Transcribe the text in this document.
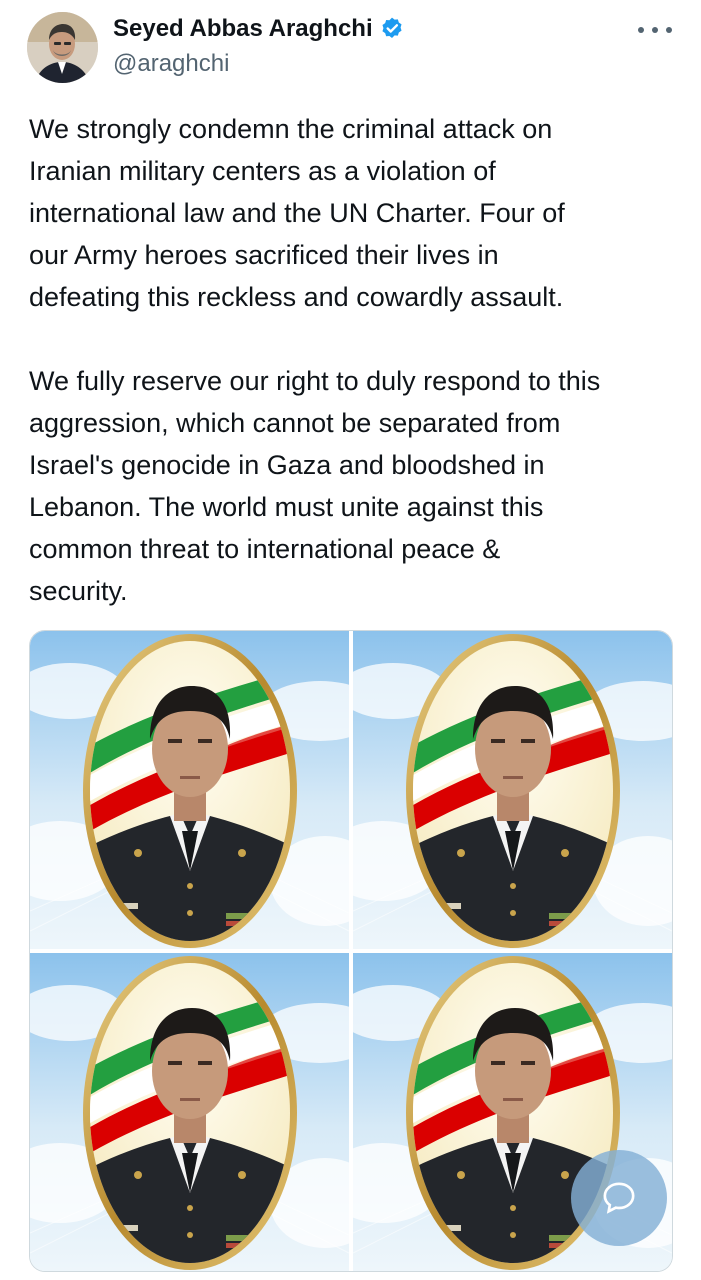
Seyed Abbas Araghchi
@araghchi

We strongly condemn the criminal attack on

Iranian military centers as a violation of

international law and the UN Charter. Four of

our Army heroes sacrificed their lives in

defeating this reckless and cowardly assault.

We fully reserve our right to duly respond to this

aggression, which cannot be separated from

Israel's genocide in Gaza and bloodshed in

Lebanon. The world must unite against this

common threat to international peace &

security.
